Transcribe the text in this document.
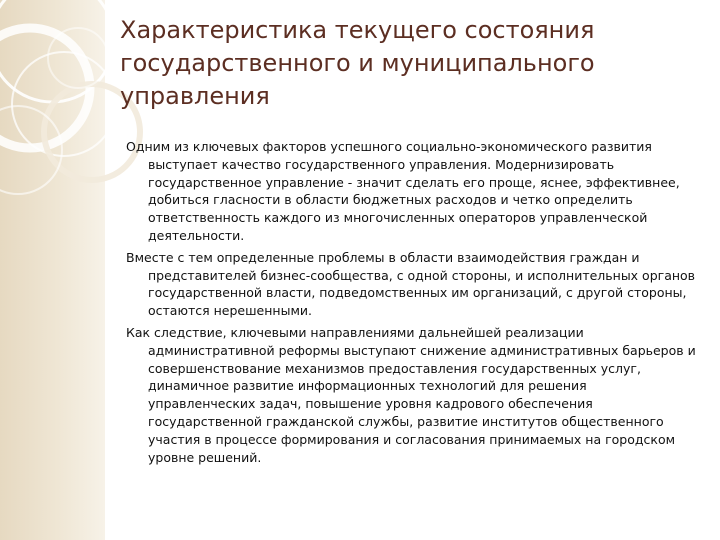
Характеристика текущего состояния государственного и муниципального управления

Одним из ключевых факторов успешного социально-экономического развития выступает качество государственного управления. Модернизировать государственное управление - значит сделать его проще, яснее, эффективнее, добиться гласности в области бюджетных расходов и четко определить ответственность каждого из многочисленных операторов управленческой деятельности.

Вместе с тем определенные проблемы в области взаимодействия граждан и представителей бизнес-сообщества, с одной стороны, и исполнительных органов государственной власти, подведомственных им организаций, с другой стороны, остаются нерешенными.

Как следствие, ключевыми направлениями дальнейшей реализации административной реформы выступают снижение административных барьеров и совершенствование механизмов предоставления государственных услуг, динамичное развитие информационных технологий для решения управленческих задач, повышение уровня кадрового обеспечения государственной гражданской службы, развитие институтов общественного участия в процессе формирования и согласования принимаемых на городском уровне решений.
